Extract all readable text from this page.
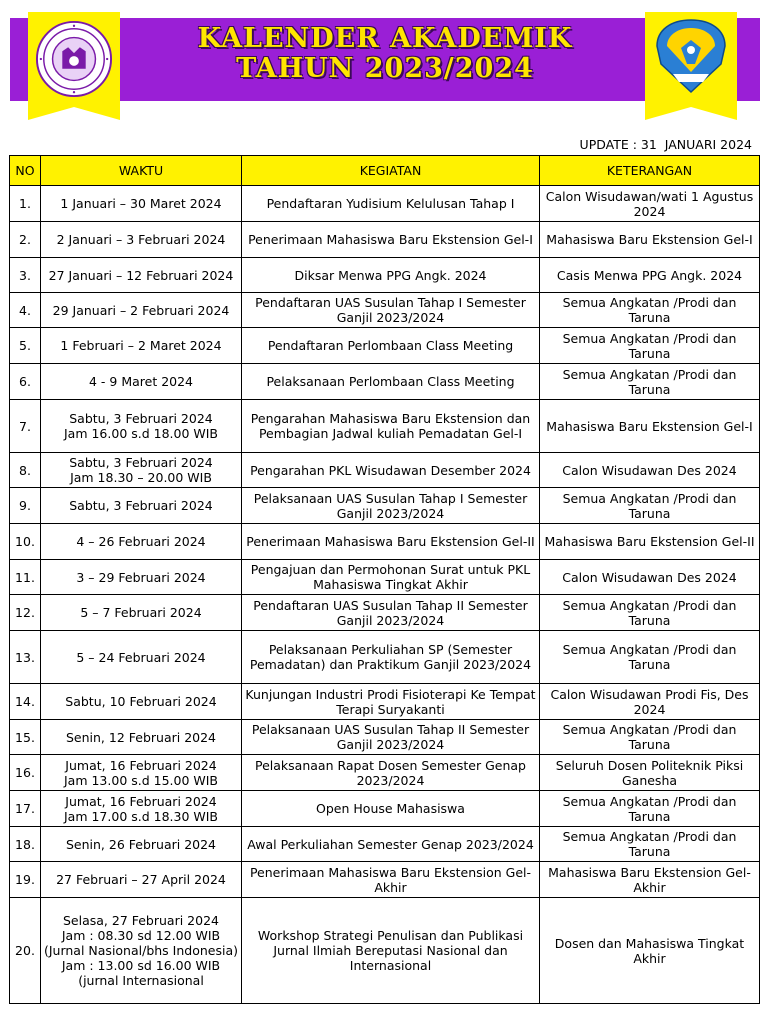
KALENDER AKADEMIK
TAHUN 2023/2024
UPDATE : 31  JANUARI 2024
NO	WAKTU	KEGIATAN	KETERANGAN
1.	1 Januari – 30 Maret 2024	Pendaftaran Yudisium Kelulusan Tahap I	Calon Wisudawan/wati 1 Agustus 2024
2.	2 Januari – 3 Februari 2024	Penerimaan Mahasiswa Baru Ekstension Gel-I	Mahasiswa Baru Ekstension Gel-I
3.	27 Januari – 12 Februari 2024	Diksar Menwa PPG Angk. 2024	Casis Menwa PPG Angk. 2024
4.	29 Januari – 2 Februari 2024	Pendaftaran UAS Susulan Tahap I Semester Ganjil 2023/2024	Semua Angkatan /Prodi dan Taruna
5.	1 Februari – 2 Maret 2024	Pendaftaran Perlombaan Class Meeting	Semua Angkatan /Prodi dan Taruna
6.	4 - 9 Maret 2024	Pelaksanaan Perlombaan Class Meeting	Semua Angkatan /Prodi dan Taruna
7.	Sabtu, 3 Februari 2024
Jam 16.00 s.d 18.00 WIB	Pengarahan Mahasiswa Baru Ekstension dan Pembagian Jadwal kuliah Pemadatan Gel-I	Mahasiswa Baru Ekstension Gel-I
8.	Sabtu, 3 Februari 2024
Jam 18.30 – 20.00 WIB	Pengarahan PKL Wisudawan Desember 2024	Calon Wisudawan Des 2024
9.	Sabtu, 3 Februari 2024	Pelaksanaan UAS Susulan Tahap I Semester Ganjil 2023/2024	Semua Angkatan /Prodi dan Taruna
10.	4 – 26 Februari 2024	Penerimaan Mahasiswa Baru Ekstension Gel-II	Mahasiswa Baru Ekstension Gel-II
11.	3 – 29 Februari 2024	Pengajuan dan Permohonan Surat untuk PKL Mahasiswa Tingkat Akhir	Calon Wisudawan Des 2024
12.	5 – 7 Februari 2024	Pendaftaran UAS Susulan Tahap II Semester Ganjil 2023/2024	Semua Angkatan /Prodi dan Taruna
13.	5 – 24 Februari 2024	Pelaksanaan Perkuliahan SP (Semester Pemadatan) dan Praktikum Ganjil 2023/2024	Semua Angkatan /Prodi dan Taruna
14.	Sabtu, 10 Februari 2024	Kunjungan Industri Prodi Fisioterapi Ke Tempat Terapi Suryakanti	Calon Wisudawan Prodi Fis, Des 2024
15.	Senin, 12 Februari 2024	Pelaksanaan UAS Susulan Tahap II Semester Ganjil 2023/2024	Semua Angkatan /Prodi dan Taruna
16.	Jumat, 16 Februari 2024
Jam 13.00 s.d 15.00 WIB	Pelaksanaan Rapat Dosen Semester Genap 2023/2024	Seluruh Dosen Politeknik Piksi Ganesha
17.	Jumat, 16 Februari 2024
Jam 17.00 s.d 18.30 WIB	Open House Mahasiswa	Semua Angkatan /Prodi dan Taruna
18.	Senin, 26 Februari 2024	Awal Perkuliahan Semester Genap 2023/2024	Semua Angkatan /Prodi dan Taruna
19.	27 Februari – 27 April 2024	Penerimaan Mahasiswa Baru Ekstension Gel-Akhir	Mahasiswa Baru Ekstension Gel-Akhir
20.	Selasa, 27 Februari 2024
Jam : 08.30 sd 12.00 WIB
(Jurnal Nasional/bhs Indonesia)
Jam : 13.00 sd 16.00 WIB
(jurnal Internasional	Workshop Strategi Penulisan dan Publikasi Jurnal Ilmiah Bereputasi Nasional dan Internasional	Dosen dan Mahasiswa Tingkat Akhir
